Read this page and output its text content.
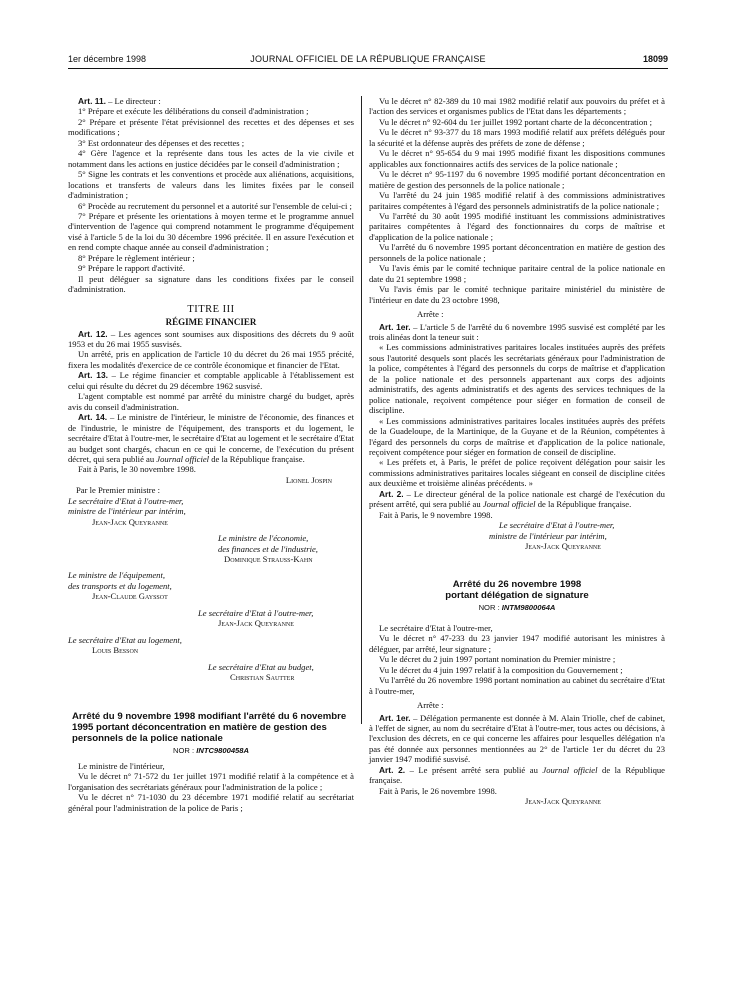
1er décembre 1998	JOURNAL OFFICIEL DE LA RÉPUBLIQUE FRANÇAISE	18099

Art. 11. – Le directeur :

1° Prépare et exécute les délibérations du conseil d'administration ;

2° Prépare et présente l'état prévisionnel des recettes et des dépenses et ses modifications ;

3° Est ordonnateur des dépenses et des recettes ;

4° Gère l'agence et la représente dans tous les actes de la vie civile et notamment dans les actions en justice décidées par le conseil d'administration ;

5° Signe les contrats et les conventions et procède aux aliénations, acquisitions, locations et transferts de valeurs dans les limites fixées par le conseil d'administration ;

6° Procède au recrutement du personnel et a autorité sur l'ensemble de celui-ci ;

7° Prépare et présente les orientations à moyen terme et le programme annuel d'intervention de l'agence qui comprend notamment le programme d'équipement visé à l'article 5 de la loi du 30 décembre 1996 précitée. Il en assure l'exécution et en rend compte chaque année au conseil d'administration ;

8° Prépare le règlement intérieur ;

9° Prépare le rapport d'activité.

Il peut déléguer sa signature dans les conditions fixées par le conseil d'administration.

TITRE III
RÉGIME FINANCIER

Art. 12. – Les agences sont soumises aux dispositions des décrets du 9 août 1953 et du 26 mai 1955 susvisés.

Un arrêté, pris en application de l'article 10 du décret du 26 mai 1955 précité, fixera les modalités d'exercice de ce contrôle économique et financier de l'Etat.

Art. 13. – Le régime financier et comptable applicable à l'établissement est celui qui résulte du décret du 29 décembre 1962 susvisé.

L'agent comptable est nommé par arrêté du ministre chargé du budget, après avis du conseil d'administration.

Art. 14. – Le ministre de l'intérieur, le ministre de l'économie, des finances et de l'industrie, le ministre de l'équipement, des transports et du logement, le secrétaire d'Etat à l'outre-mer, le secrétaire d'Etat au logement et le secrétaire d'Etat au budget sont chargés, chacun en ce qui le concerne, de l'exécution du présent décret, qui sera publié au Journal officiel de la République française.

Fait à Paris, le 30 novembre 1998.

Lionel Jospin

Par le Premier ministre :

Le secrétaire d'Etat à l'outre-mer,
ministre de l'intérieur par intérim,
Jean-Jack Queyranne
Le ministre de l'économie,
des finances et de l'industrie,
Dominique Strauss-Kahn
Le ministre de l'équipement,
des transports et du logement,
Jean-Claude Gayssot
Le secrétaire d'Etat à l'outre-mer,
Jean-Jack Queyranne
Le secrétaire d'Etat au logement,
Louis Besson
Le secrétaire d'Etat au budget,
Christian Sautter
Arrêté du 9 novembre 1998 modifiant l'arrêté du 6 novembre 1995 portant déconcentration en matière de gestion des personnels de la police nationale
NOR : INTC9800458A

Le ministre de l'intérieur,

Vu le décret n° 71-572 du 1er juillet 1971 modifié relatif à la compétence et à l'organisation des secrétariats généraux pour l'administration de la police ;

Vu le décret n° 71-1030 du 23 décembre 1971 modifié relatif au secrétariat général pour l'administration de la police de Paris ;

Vu le décret n° 82-389 du 10 mai 1982 modifié relatif aux pouvoirs du préfet et à l'action des services et organismes publics de l'Etat dans les départements ;

Vu le décret n° 92-604 du 1er juillet 1992 portant charte de la déconcentration ;

Vu le décret n° 93-377 du 18 mars 1993 modifié relatif aux préfets délégués pour la sécurité et la défense auprès des préfets de zone de défense ;

Vu le décret n° 95-654 du 9 mai 1995 modifié fixant les dispositions communes applicables aux fonctionnaires actifs des services de la police nationale ;

Vu le décret n° 95-1197 du 6 novembre 1995 modifié portant déconcentration en matière de gestion des personnels de la police nationale ;

Vu l'arrêté du 24 juin 1985 modifié relatif à des commissions administratives paritaires compétentes à l'égard des personnels administratifs de la police nationale ;

Vu l'arrêté du 30 août 1995 modifié instituant les commissions administratives paritaires compétentes à l'égard des fonctionnaires du corps de maîtrise et d'application de la police nationale ;

Vu l'arrêté du 6 novembre 1995 portant déconcentration en matière de gestion des personnels de la police nationale ;

Vu l'avis émis par le comité technique paritaire central de la police nationale en date du 21 septembre 1998 ;

Vu l'avis émis par le comité technique paritaire ministériel du ministère de l'intérieur en date du 23 octobre 1998,

Arrête :

Art. 1er. – L'article 5 de l'arrêté du 6 novembre 1995 susvisé est complété par les trois alinéas dont la teneur suit :

« Les commissions administratives paritaires locales instituées auprès des préfets sous l'autorité desquels sont placés les secrétariats généraux pour l'administration de la police, compétentes à l'égard des personnels du corps de maîtrise et d'application de la police nationale et des personnels appartenant aux corps des adjoints administratifs, des agents administratifs et des agents des services techniques de la police nationale, reçoivent compétence pour siéger en formation de conseil de discipline.

« Les commissions administratives paritaires locales instituées auprès des préfets de la Guadeloupe, de la Martinique, de la Guyane et de la Réunion, compétentes à l'égard des personnels du corps de maîtrise et d'application de la police nationale, reçoivent compétence pour siéger en formation de conseil de discipline.

« Les préfets et, à Paris, le préfet de police reçoivent délégation pour saisir les commissions administratives paritaires locales siégeant en conseil de discipline citées aux deuxième et troisième alinéas précédents. »

Art. 2. – Le directeur général de la police nationale est chargé de l'exécution du présent arrêté, qui sera publié au Journal officiel de la République française.

Fait à Paris, le 9 novembre 1998.

Le secrétaire d'Etat à l'outre-mer,
ministre de l'intérieur par intérim,
Jean-Jack Queyranne
Arrêté du 26 novembre 1998
portant délégation de signature
NOR : INTM9800064A

Le secrétaire d'Etat à l'outre-mer,

Vu le décret n° 47-233 du 23 janvier 1947 modifié autorisant les ministres à déléguer, par arrêté, leur signature ;

Vu le décret du 2 juin 1997 portant nomination du Premier ministre ;

Vu le décret du 4 juin 1997 relatif à la composition du Gouvernement ;

Vu l'arrêté du 26 novembre 1998 portant nomination au cabinet du secrétaire d'Etat à l'outre-mer,

Arrête :

Art. 1er. – Délégation permanente est donnée à M. Alain Triolle, chef de cabinet, à l'effet de signer, au nom du secrétaire d'Etat à l'outre-mer, tous actes ou décisions, à l'exclusion des décrets, en ce qui concerne les affaires pour lesquelles délégation n'a pas été donnée aux personnes mentionnées au 2° de l'article 1er du décret du 23 janvier 1947 modifié susvisé.

Art. 2. – Le présent arrêté sera publié au Journal officiel de la République française.

Fait à Paris, le 26 novembre 1998.

Jean-Jack Queyranne
